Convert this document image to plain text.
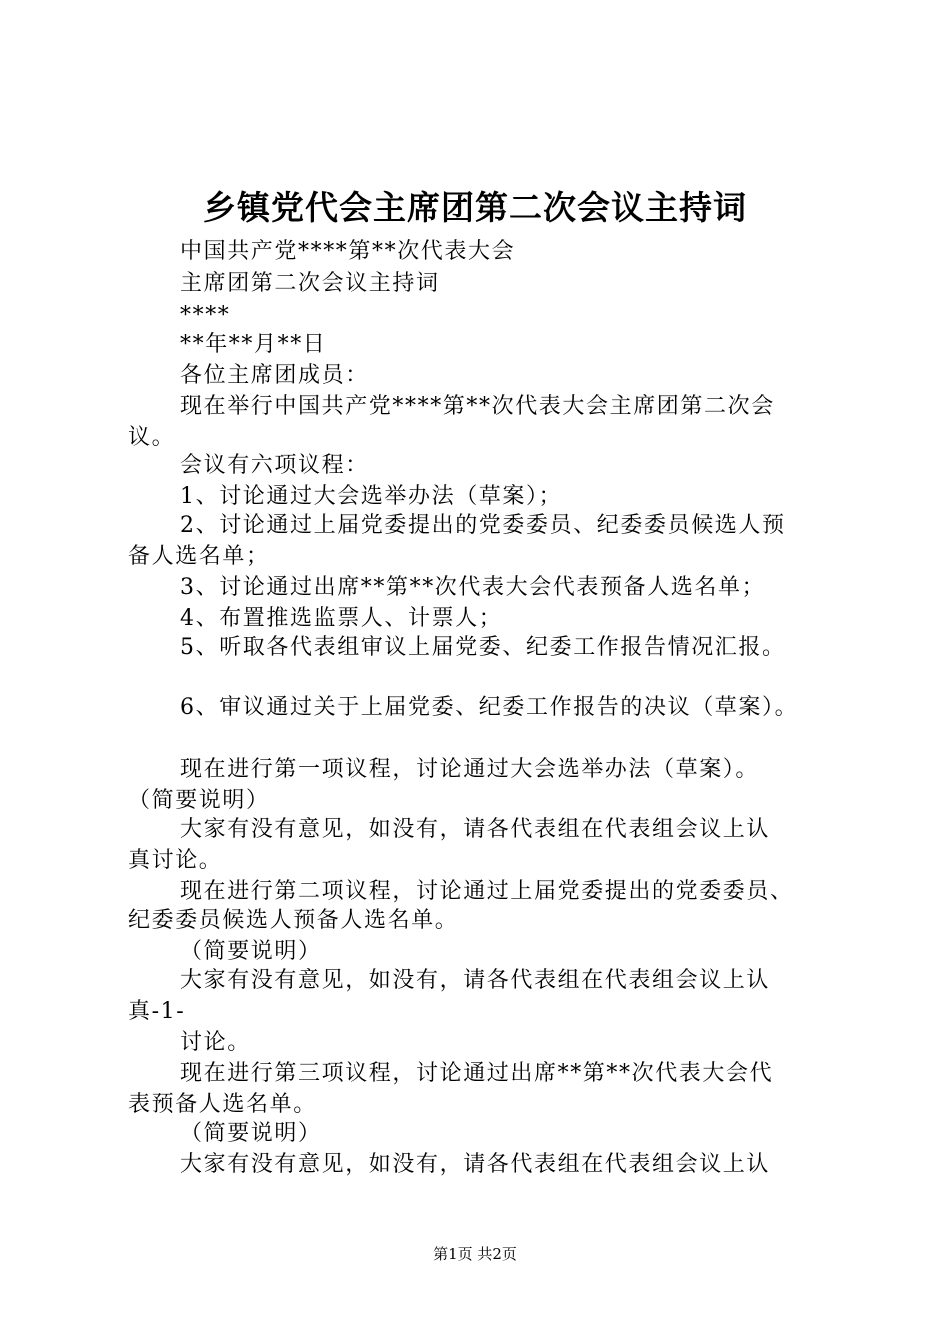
乡镇党代会主席团第二次会议主持词
中国共产党****第**次代表大会
主席团第二次会议主持词
****
**年**月**日
各位主席团成员：
现在举行中国共产党****第**次代表大会主席团第二次会
议。
会议有六项议程：
1、讨论通过大会选举办法（草案）；
2、讨论通过上届党委提出的党委委员、纪委委员候选人预
备人选名单；
3、讨论通过出席**第**次代表大会代表预备人选名单；
4、布置推选监票人、计票人；
5、听取各代表组审议上届党委、纪委工作报告情况汇报。
6、审议通过关于上届党委、纪委工作报告的决议（草案）。
现在进行第一项议程，讨论通过大会选举办法（草案）。
（简要说明）
大家有没有意见，如没有，请各代表组在代表组会议上认
真讨论。
现在进行第二项议程，讨论通过上届党委提出的党委委员、
纪委委员候选人预备人选名单。
（简要说明）
大家有没有意见，如没有，请各代表组在代表组会议上认
真-1-
讨论。
现在进行第三项议程，讨论通过出席**第**次代表大会代
表预备人选名单。
（简要说明）
大家有没有意见，如没有，请各代表组在代表组会议上认
第1页 共2页
